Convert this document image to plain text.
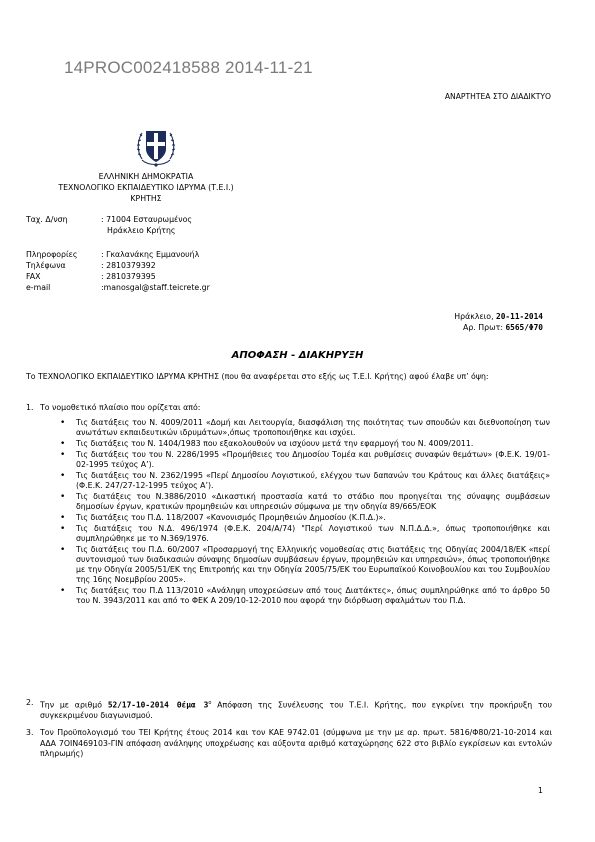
14PROC002418588 2014-11-21
ΑΝΑΡΤΗΤΕΑ ΣΤΟ ΔΙΑΔΙΚΤΥΟ
ΕΛΛΗΝΙΚΗ ΔΗΜΟΚΡΑΤΙΑ
ΤΕΧΝΟΛΟΓΙΚΟ ΕΚΠΑΙΔΕΥΤΙΚΟ ΙΔΡΥΜΑ (Τ.Ε.Ι.)
ΚΡΗΤΗΣ
Ταχ. Δ/νση	: 71004 Εσταυρωμένος
Ηράκλειο Κρήτης
Πληροφορίες	: Γκαλανάκης Εμμανουήλ
Τηλέφωνα	: 2810379392
FAX	: 2810379395
e-mail	:manosgal@staff.teicrete.gr
Ηράκλειο, 20-11-2014
Αρ. Πρωτ: 6565/Φ70
ΑΠΟΦΑΣΗ - ΔΙΑΚΗΡΥΞΗ
Το ΤΕΧΝΟΛΟΓΙΚΟ ΕΚΠΑΙΔΕΥΤΙΚΟ ΙΔΡΥΜΑ ΚΡΗΤΗΣ (που θα αναφέρεται στο εξής ως Τ.Ε.Ι. Κρήτης) αφού έλαβε υπ’ όψη:
1. Το νομοθετικό πλαίσιο που ορίζεται από:
• Τις διατάξεις του Ν. 4009/2011 «Δομή και Λειτουργία, διασφάλιση της ποιότητας των σπουδών και διεθνοποίηση των ανωτάτων εκπαιδευτικών ιδρυμάτων»,όπως τροποποιήθηκε και ισχύει.
• Τις διατάξεις του Ν. 1404/1983 που εξακολουθούν να ισχύουν μετά την εφαρμογή του Ν. 4009/2011.
• Τις διατάξεις του του Ν. 2286/1995 «Προμήθειες του Δημοσίου Τομέα και ρυθμίσεις συναφών θεμάτων» (Φ.Ε.Κ. 19/01-02-1995 τεύχος Α’).
• Τις διατάξεις του Ν. 2362/1995 «Περί Δημοσίου Λογιστικού, ελέγχου των δαπανών του Κράτους και άλλες διατάξεις» (Φ.Ε.Κ. 247/27-12-1995 τεύχος Α’).
• Τις διατάξεις του Ν.3886/2010 «Δικαστική προστασία κατά το στάδιο που προηγείται της σύναψης συμβάσεων δημοσίων έργων, κρατικών προμηθειών και υπηρεσιών σύμφωνα με την οδηγία 89/665/ΕΟΚ
• Τις διατάξεις του Π.Δ. 118/2007 «Κανονισμός Προμηθειών Δημοσίου (Κ.Π.Δ.)».
• Τις διατάξεις του Ν.Δ. 496/1974 (Φ.Ε.Κ. 204/Α/74) "Περί Λογιστικού των Ν.Π.Δ.Δ.», όπως τροποποιήθηκε και συμπληρώθηκε με το Ν.369/1976.
• Τις διατάξεις του Π.Δ. 60/2007 «Προσαρμογή της Ελληνικής νομοθεσίας στις διατάξεις της Οδηγίας 2004/18/ΕΚ «περί συντονισμού των διαδικασιών σύναψης δημοσίων συμβάσεων έργων, προμηθειών και υπηρεσιών», όπως τροποποιήθηκε με την Οδηγία 2005/51/ΕΚ της Επιτροπής και την Οδηγία 2005/75/ΕΚ του Ευρωπαϊκού Κοινοβουλίου και του Συμβουλίου της 16ης Νοεμβρίου 2005».
• Τις διατάξεις του Π.Δ 113/2010 «Ανάληψη υποχρεώσεων από τους Διατάκτες», όπως συμπληρώθηκε από το άρθρο 50 του Ν. 3943/2011 και από το ΦΕΚ Α 209/10-12-2010 που αφορά την διόρθωση σφαλμάτων του Π.Δ.
2. Την με αριθμό 52/17-10-2014 Θέμα $3^o$ Απόφαση της Συνέλευσης του Τ.Ε.Ι. Κρήτης, που εγκρίνει την προκήρυξη του συγκεκριμένου διαγωνισμού.
3. Τον Προϋπολογισμό του ΤΕΙ Κρήτης έτους 2014 και τον ΚΑΕ 9742.01 (σύμφωνα με την με αρ. πρωτ. 5816/Φ80/21-10-2014 και ΑΔΑ 7ΟΙΝ469103-ΓΙΝ απόφαση ανάληψης υποχρέωσης και αύξοντα αριθμό καταχώρησης 622 στο βιβλίο εγκρίσεων και εντολών πληρωμής)
1
